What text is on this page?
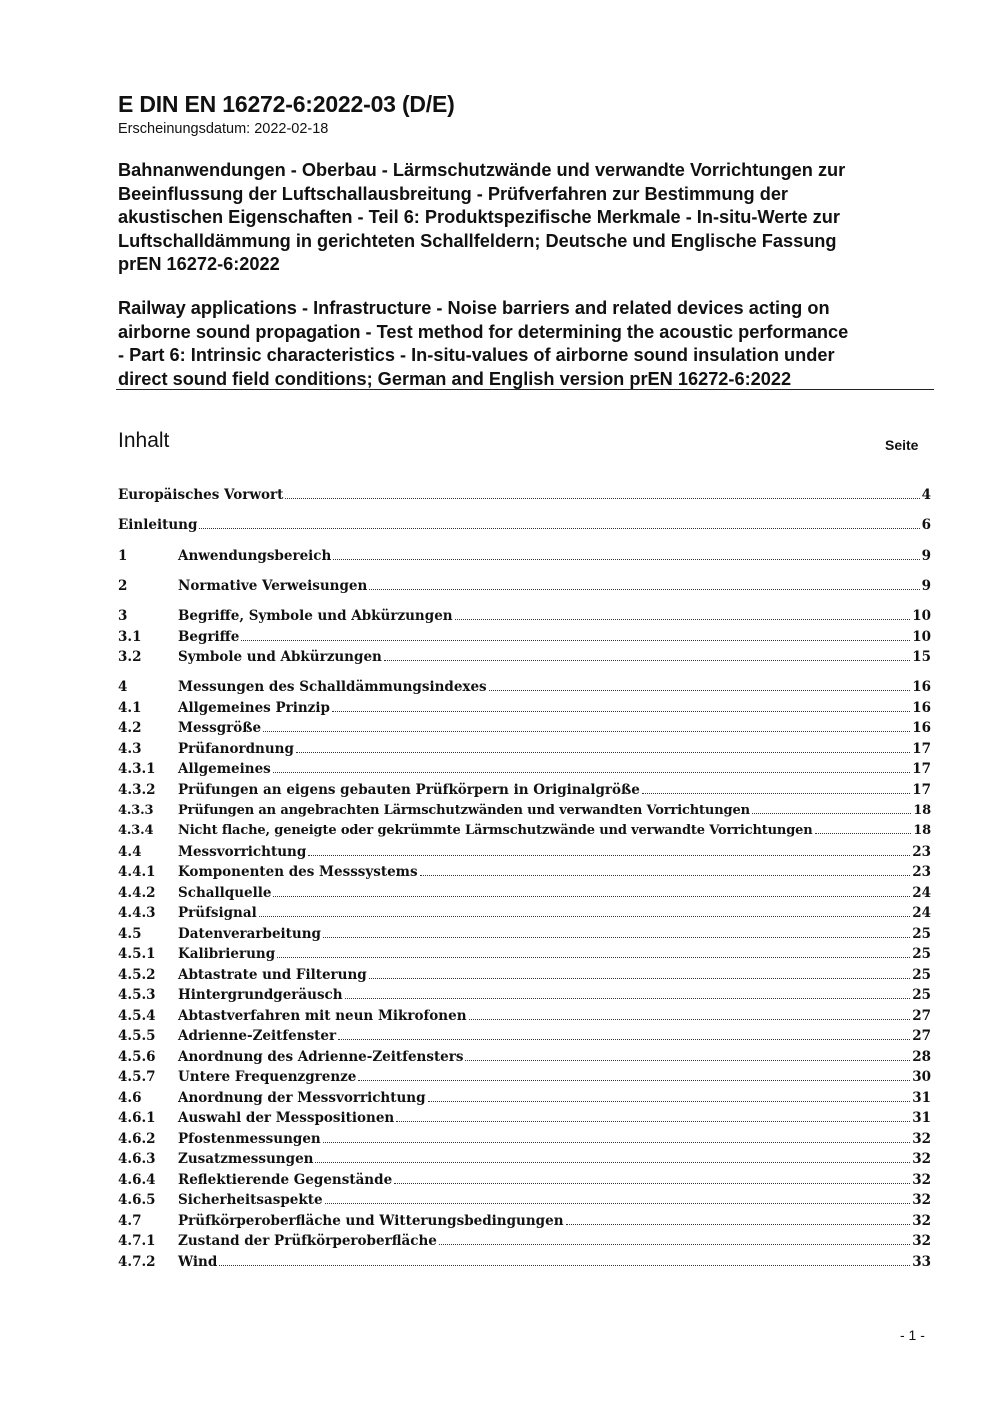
E DIN EN 16272-6:2022-03 (D/E)
Erscheinungsdatum: 2022-02-18
Bahnanwendungen - Oberbau - Lärmschutzwände und verwandte Vorrichtungen zur
Beeinflussung der Luftschallausbreitung - Prüfverfahren zur Bestimmung der
akustischen Eigenschaften - Teil 6: Produktspezifische Merkmale - In-situ-Werte zur
Luftschalldämmung in gerichteten Schallfeldern; Deutsche und Englische Fassung
prEN 16272-6:2022
Railway applications - Infrastructure - Noise barriers and related devices acting on
airborne sound propagation - Test method for determining the acoustic performance
- Part 6: Intrinsic characteristics - In-situ-values of airborne sound insulation under
direct sound field conditions; German and English version prEN 16272-6:2022
Inhalt	Seite
Europäisches Vorwort	4
Einleitung	6
1	Anwendungsbereich	9
2	Normative Verweisungen	9
3	Begriffe, Symbole und Abkürzungen	10
3.1	Begriffe	10
3.2	Symbole und Abkürzungen	15
4	Messungen des Schalldämmungsindexes	16
4.1	Allgemeines Prinzip	16
4.2	Messgröße	16
4.3	Prüfanordnung	17
4.3.1	Allgemeines	17
4.3.2	Prüfungen an eigens gebauten Prüfkörpern in Originalgröße	17
4.3.3	Prüfungen an angebrachten Lärmschutzwänden und verwandten Vorrichtungen	18
4.3.4	Nicht flache, geneigte oder gekrümmte Lärmschutzwände und verwandte Vorrichtungen	18
4.4	Messvorrichtung	23
4.4.1	Komponenten des Messsystems	23
4.4.2	Schallquelle	24
4.4.3	Prüfsignal	24
4.5	Datenverarbeitung	25
4.5.1	Kalibrierung	25
4.5.2	Abtastrate und Filterung	25
4.5.3	Hintergrundgeräusch	25
4.5.4	Abtastverfahren mit neun Mikrofonen	27
4.5.5	Adrienne-Zeitfenster	27
4.5.6	Anordnung des Adrienne-Zeitfensters	28
4.5.7	Untere Frequenzgrenze	30
4.6	Anordnung der Messvorrichtung	31
4.6.1	Auswahl der Messpositionen	31
4.6.2	Pfostenmessungen	32
4.6.3	Zusatzmessungen	32
4.6.4	Reflektierende Gegenstände	32
4.6.5	Sicherheitsaspekte	32
4.7	Prüfkörperoberfläche und Witterungsbedingungen	32
4.7.1	Zustand der Prüfkörperoberfläche	32
4.7.2	Wind	33
- 1 -
